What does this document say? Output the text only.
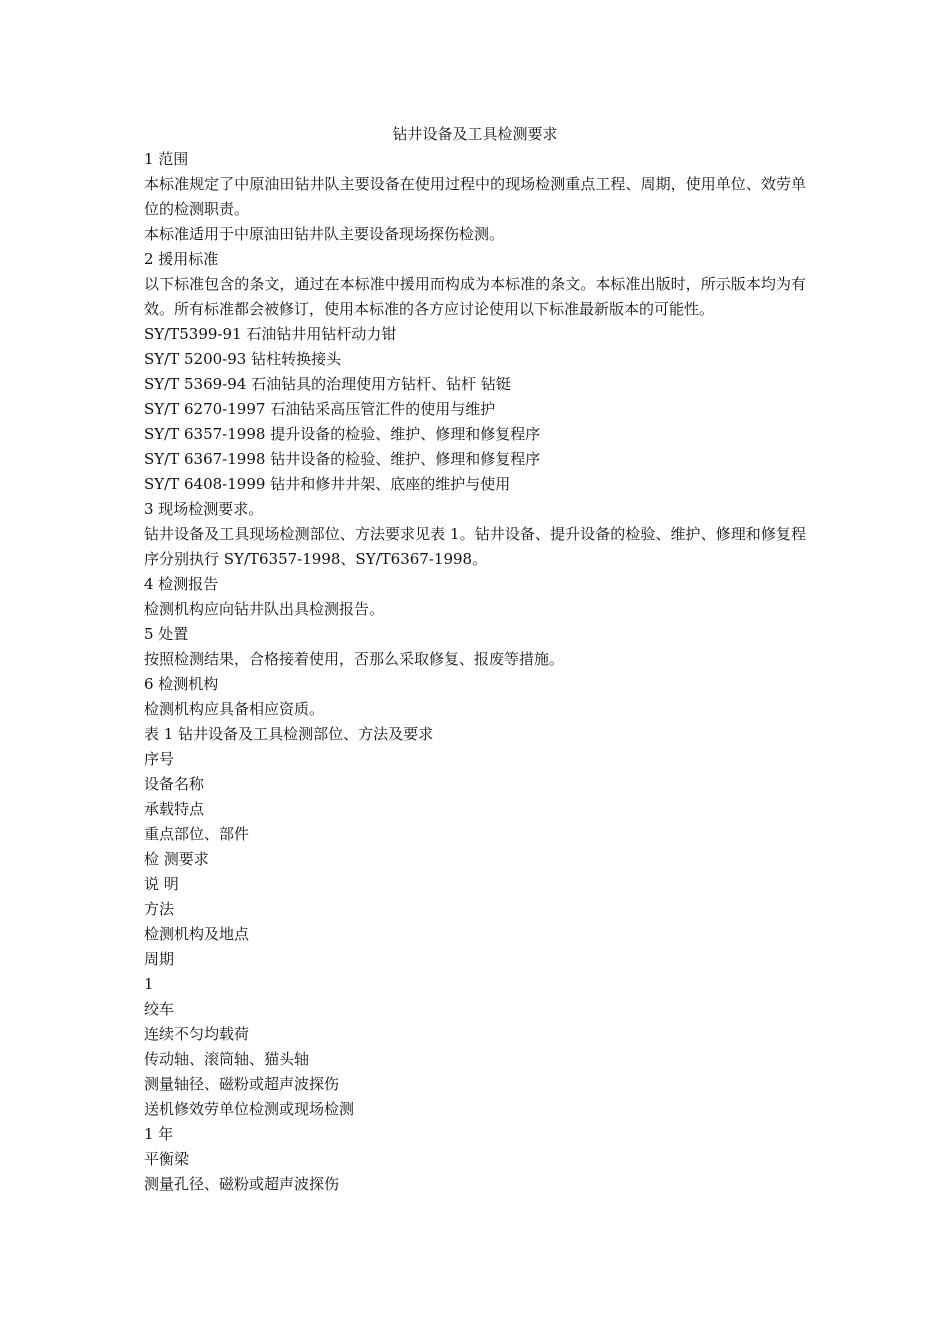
钻井设备及工具检测要求

1 范围

本标准规定了中原油田钻井队主要设备在使用过程中的现场检测重点工程、周期，使用单位、效劳单位的检测职责。

本标准适用于中原油田钻井队主要设备现场探伤检测。

2 援用标准

以下标准包含的条文，通过在本标准中援用而构成为本标准的条文。本标准出版时，所示版本均为有效。所有标准都会被修订，使用本标准的各方应讨论使用以下标准最新版本的可能性。

SY/T5399-91 石油钻井用钻杆动力钳

SY/T 5200-93 钻柱转换接头

SY/T 5369-94 石油钻具的治理使用方钻杆、钻杆 钻铤

SY/T 6270-1997 石油钻采高压管汇件的使用与维护

SY/T 6357-1998 提升设备的检验、维护、修理和修复程序

SY/T 6367-1998 钻井设备的检验、维护、修理和修复程序

SY/T 6408-1999 钻井和修井井架、底座的维护与使用

3 现场检测要求。

钻井设备及工具现场检测部位、方法要求见表 1。钻井设备、提升设备的检验、维护、修理和修复程序分别执行 SY/T6357-1998、SY/T6367-1998。

4 检测报告

检测机构应向钻井队出具检测报告。

5 处置

按照检测结果，合格接着使用，否那么采取修复、报废等措施。

6 检测机构

检测机构应具备相应资质。

表 1 钻井设备及工具检测部位、方法及要求

序号

设备名称

承载特点

重点部位、部件

检 测要求

说 明

方法

检测机构及地点

周期

1

绞车

连续不匀均载荷

传动轴、滚筒轴、猫头轴

测量轴径、磁粉或超声波探伤

送机修效劳单位检测或现场检测

1 年

平衡梁

测量孔径、磁粉或超声波探伤
